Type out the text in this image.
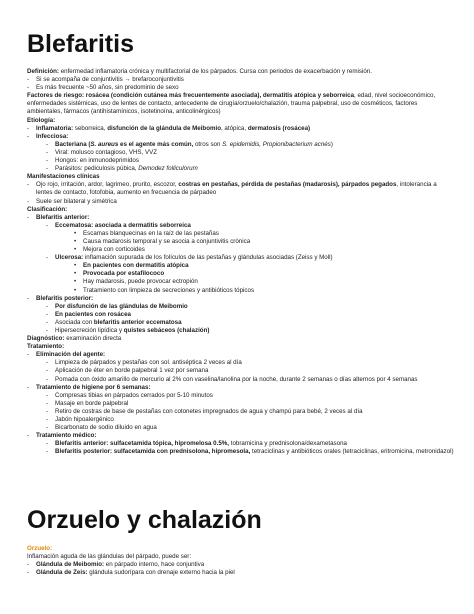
Blefaritis
Definición: enfermedad inflamatoria crónica y multifactorial de los párpados. Cursa con periodos de exacerbación y remisión.
- Si se acompaña de conjuntivitis → brefaroconjuntivitis
- Es más frecuente ~50 años, sin predominio de sexo
Factores de riesgo: rosácea (condición cutánea más frecuentemente asociada), dermatitis atópica y seborreica, edad, nivel socioeconómico, enfermedades sistémicas, uso de lentes de contacto, antecedente de cirugía/orzuelo/chalazión, trauma palpebral, uso de cosméticos, factores ambientales, fármacos (antihistamínicos, isotetinoína, anticolinérgicos)
Etiología:
- Inflamatoria: seborreica, disfunción de la glándula de Meibomio, atópica, dermatosis (rosácea)
- Infecciosa:
- Bacteriana (S. aureus es el agente más común, otros son S. epidemidis, Propionibacterium acnés)
- Viral: molusco contagioso, VHS, VVZ
- Hongos: en inmunodeprimidos
- Parásitos: pediculosis púbica, Demodez folliculorum
Manifestaciones clínicas
- Ojo rojo, irritación, ardor, lagrimeo, prurito, escozor, costras en pestañas, pérdida de pestañas (madarosis), párpados pegados, intolerancia a lentes de contacto, fotofobia, aumento en frecuencia de párpadeo
- Suele ser bilateral y simétrica
Clasificación:
- Blefaritis anterior:
- Eccematosa: asociada a dermatitis seborreica
• Escamas blanquecinas en la raíz de las pestañas
• Causa madarosis temporal y se asocia a conjuntivitis crónica
• Mejora con corticoides
- Ulcerosa: inflamación supurada de los folículos de las pestañas y glándulas asociadas (Zeiss y Moll)
• En pacientes con dermatitis atópica
• Provocada por estafilococo
• Hay madarosis, puede provocar ectropión
• Tratamiento con limpieza de secreciones y antibióticos tópicos
- Blefaritis posterior:
- Por disfunción de las glándulas de Meibomio
- En pacientes con rosácea
- Asociada con blefaritis anterior eccematosa
- Hipersecreción lipídica y quistes sebáceos (chalazión)
Diagnóstico: examinación directa
Tratamiento:
- Eliminación del agente:
- Limpieza de párpados y pestañas con sol. antiséptica 2 veces al día
- Aplicación de éter en borde palpebral 1 vez por semana
- Pomada con óxido amarillo de mercurio al 2% con vaselina/lanolina por la noche, durante 2 semanas o días alternos por 4 semanas
- Tratamiento de higiene por 6 semanas:
- Compresas tibias en párpados cerrados por 5-10 minutos
- Masaje en borde palpebral
- Retiro de costras de base de pestañas con cotonetes impregnados de agua y champú para bebé, 2 veces al día
- Jabón hipoalergénico
- Bicarbonato de sodio diluido en agua
- Tratamiento médico:
- Blefaritis anterior: sulfacetamida tópica, hipromelosa 0.5%, tobramicina y prednisolona/dexametasona
- Blefaritis posterior: sulfacetamida con prednisolona, hipromesola, tetraciclinas y antibióticos orales (tetraciclinas, eritromicina, metronidazol)
Orzuelo y chalazión
Orzuelo:
Inflamación aguda de las glándulas del párpado, puede ser:
- Glándula de Meibomio: en párpado interno, hace conjuntiva
- Glándula de Zeis: glándula sudorípara con drenaje externo hacia la piel
